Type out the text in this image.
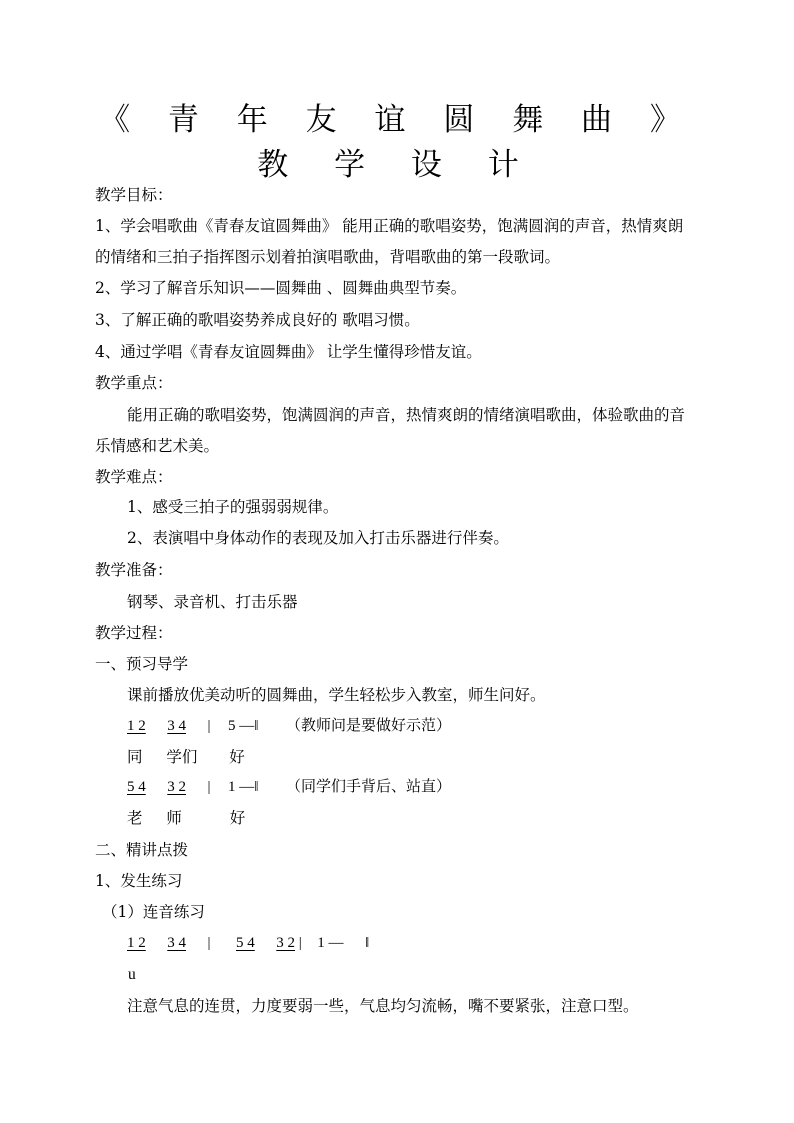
《 青 年 友 谊 圆 舞 曲 》
教 学 设 计
教学目标：
1、学会唱歌曲《青春友谊圆舞曲》 能用正确的歌唱姿势，饱满圆润的声音，热情爽朗
的情绪和三拍子指挥图示划着拍演唱歌曲，背唱歌曲的第一段歌词。
2、学习了解音乐知识——圆舞曲 、圆舞曲典型节奏。
3、了解正确的歌唱姿势养成良好的 歌唱习惯。
4、通过学唱《青春友谊圆舞曲》 让学生懂得珍惜友谊。
教学重点：
能用正确的歌唱姿势，饱满圆润的声音，热情爽朗的情绪演唱歌曲，体验歌曲的音
乐情感和艺术美。
教学难点：
1、感受三拍子的强弱弱规律。
2、表演唱中身体动作的表现及加入打击乐器进行伴奏。
教学准备：
钢琴、录音机、打击乐器
教学过程：
一、预习导学
课前播放优美动听的圆舞曲，学生轻松步入教室，师生问好。
1 2 3 4 | 5 —‖ （教师问是要做好示范）
同 学们 好
5 4 3 2 | 1 —‖ （同学们手背后、站直）
老 师	好
二、精讲点拨
1、发生练习
（1）连音练习
1 2 3 4 | 5 4 3 2 | 1 — ‖
u
注意气息的连贯，力度要弱一些，气息均匀流畅，嘴不要紧张，注意口型。
